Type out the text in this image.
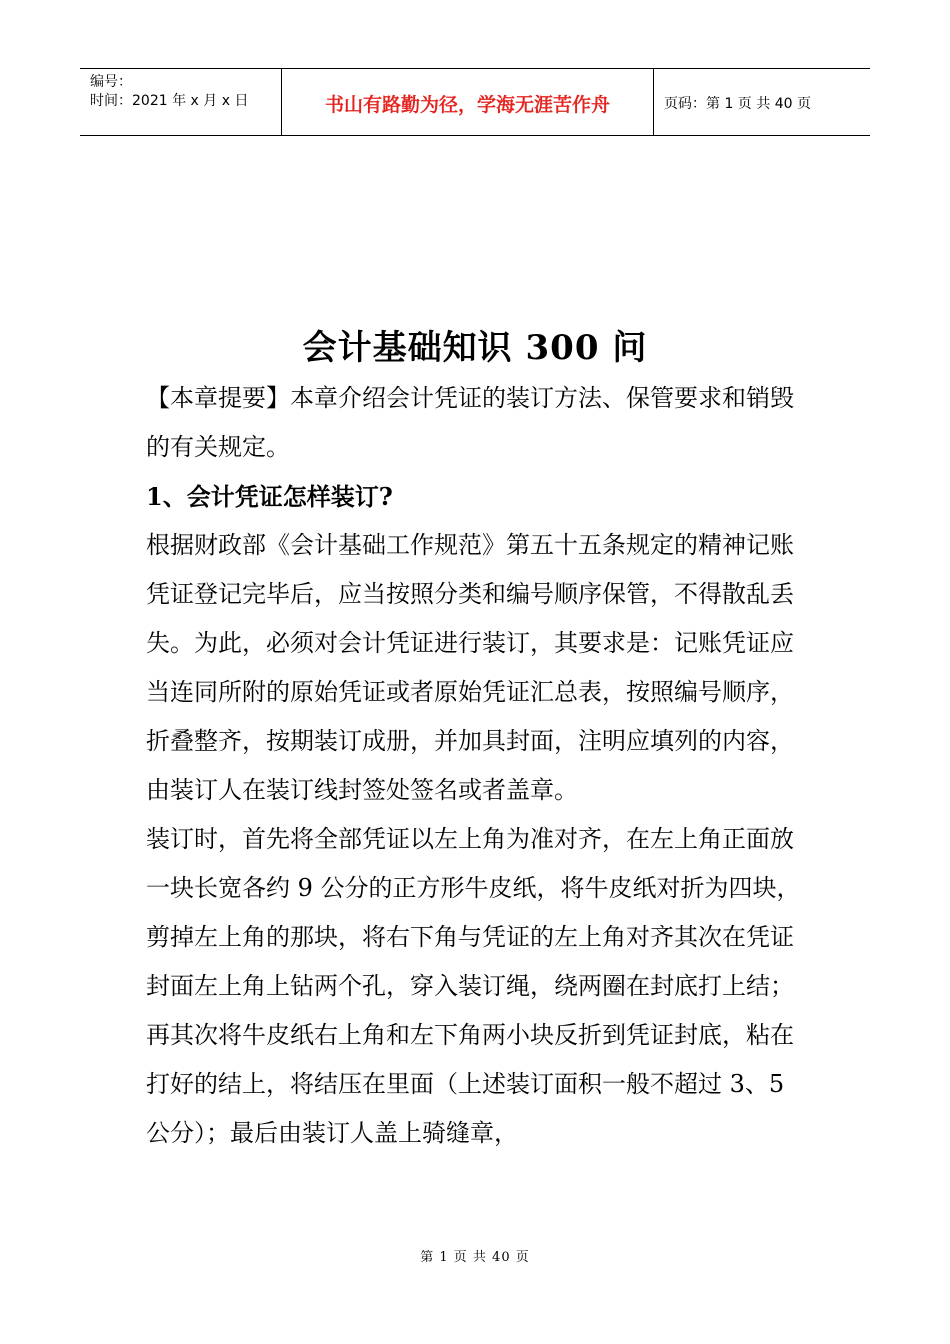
编号：
时间：2021 年 x 月 x 日	书山有路勤为径，学海无涯苦作舟	页码：第 1 页 共 40 页
会计基础知识 300 问

【本章提要】本章介绍会计凭证的装订方法、保管要求和销毁的有关规定。

1、会计凭证怎样装订?

根据财政部《会计基础工作规范》第五十五条规定的精神记账凭证登记完毕后，应当按照分类和编号顺序保管，不得散乱丢失。为此，必须对会计凭证进行装订，其要求是：记账凭证应当连同所附的原始凭证或者原始凭证汇总表，按照编号顺序，折叠整齐，按期装订成册，并加具封面，注明应填列的内容，由装订人在装订线封签处签名或者盖章。

装订时，首先将全部凭证以左上角为准对齐，在左上角正面放一块长宽各约 9 公分的正方形牛皮纸，将牛皮纸对折为四块，剪掉左上角的那块，将右下角与凭证的左上角对齐其次在凭证封面左上角上钻两个孔，穿入装订绳，绕两圈在封底打上结；再其次将牛皮纸右上角和左下角两小块反折到凭证封底，粘在打好的结上，将结压在里面（上述装订面积一般不超过 3、5 公分）；最后由装订人盖上骑缝章，

第 1 页 共 40 页
